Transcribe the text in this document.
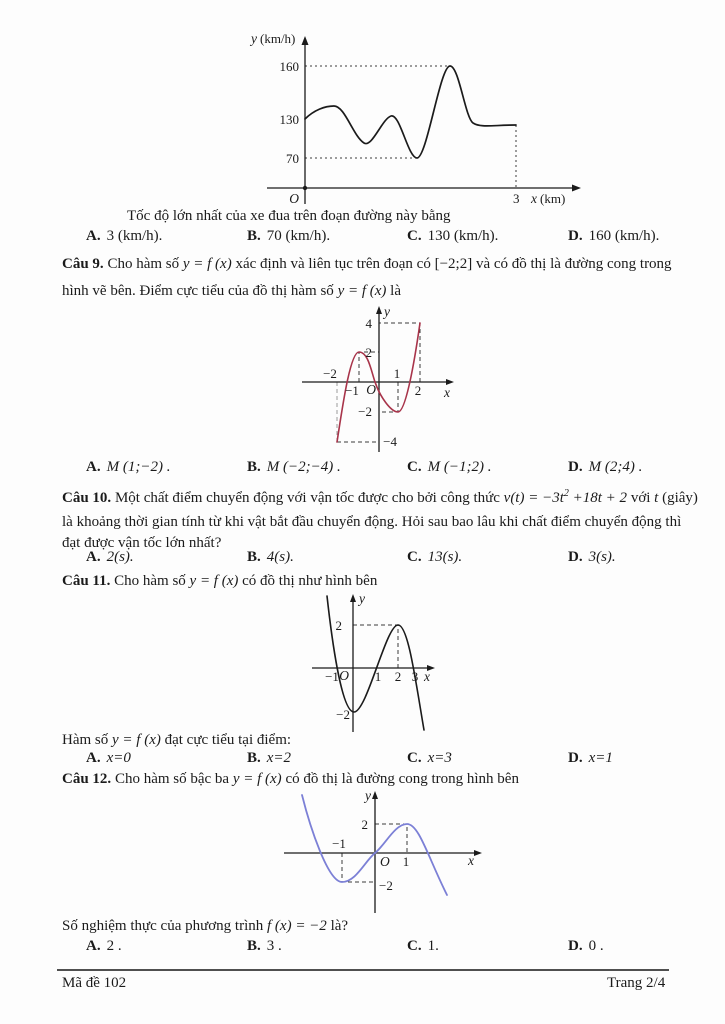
y (km/h)
160
130
70
O	3 x (km)
Tốc độ lớn nhất của xe đua trên đoạn đường này bằng
A. 3 (km/h).	B. 70 (km/h).	C. 130 (km/h).	D. 160 (km/h).
Câu 9. Cho hàm số y = f (x) xác định và liên tục trên đoạn có [−2;2] và có đồ thị là đường cong trong
hình vẽ bên. Điểm cực tiểu của đồ thị hàm số y = f (x) là
y
x
4
2
−2
−4
−2
−1
1
2
O
A. M (1;−2) .	B. M (−2;−4) .	C. M (−1;2) .	D. M (2;4) .
Câu 10. Một chất điểm chuyển động với vận tốc được cho bởi công thức $v(t) = -3t^2 +18t + 2$ với t (giây)
là khoảng thời gian tính từ khi vật bắt đầu chuyển động. Hỏi sau bao lâu khi chất điểm chuyển động thì
đạt được vận tốc lớn nhất?
A. 2(s).	B. 4(s).	C. 13(s).	D. 3(s).
Câu 11. Cho hàm số y = f (x) có đồ thị như hình bên
y
x
2
−2
−1	1 2 3
O
Hàm số y = f (x) đạt cực tiểu tại điểm:
A. x=0	B. x=2	C. x=3	D. x=1
Câu 12. Cho hàm số bậc ba y = f (x) có đồ thị là đường cong trong hình bên
y
x
2
−2
−1
1
O
Số nghiệm thực của phương trình f (x) = −2 là?
A. 2 .	B. 3 .	C. 1.	D. 0 .
Mã đề 102	Trang 2/4
